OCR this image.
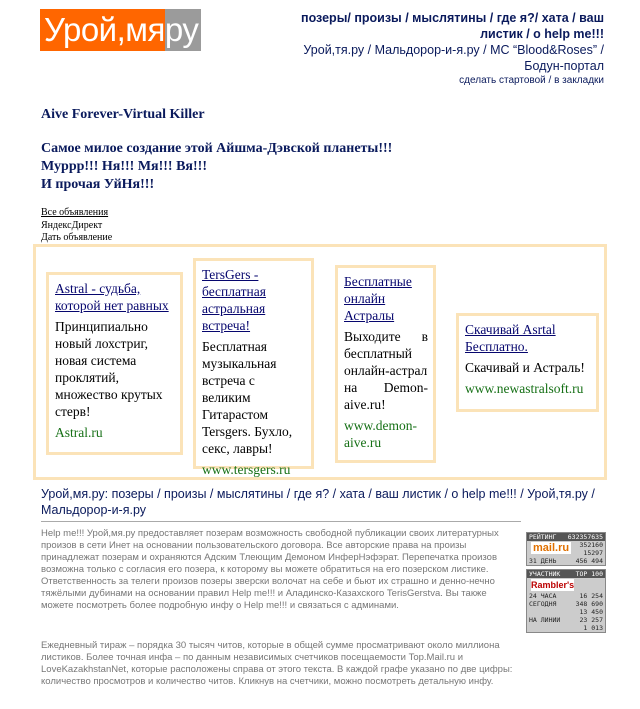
Урой,мя ру	позеры/ произы / мыслятины / где я?/ хата / ваш листик / o help me!!!
Урой,тя.ру / Мальдорор-и-я.ру / МС “Blood&Roses” / Бодун-портал
сделать стартовой / в закладки
Aive Forever-Virtual Killer
Самое милое создание этой Айшма-Дэвской планеты!!!
Муррр!!! Ня!!! Мя!!! Вя!!!
И прочая УйНя!!!
Все объявления
ЯндексДирект
Дать объявление
Astral - судьба, которой нет равных
Принципиально новый лохстриг, новая система проклятий, множество крутых стерв!
Astral.ru
TersGers - бесплатная астральная встреча!
Бесплатная музыкальная встреча с великим Гитарастом Tersgers. Бухло, секс, лавры!
www.tersgers.ru
Бесплатные онлайн Астралы
Выходите в бесплатный онлайн-астрал на Demon-aive.ru!
www.demon-aive.ru
Скачивай Asrtal Бесплатно.
Скачивай и Астраль!
www.newastralsoft.ru
Урой,мя.ру: позеры / произы / мыслятины / где я? / хата / ваш листик / o help me!!! / Урой,тя.ру / Мальдорор-и-я.ру
Help me!!! Урой,мя.ру предоставляет позерам возможность свободной публикации своих литературных произов в сети Инет на основании пользовательского договора. Все авторские права на произы принадлежат позерам и охраняются Адским Тлеющим Демоном ИнферНэфэрат. Перепечатка произов возможна только с согласия его позера, к которому вы можете обратиться на его позерском листике. Ответственность за телеги произов позеры зверски волочат на себе и бьют их страшно и денно-нечно тяжёлыми дубинами на основании правил Help me!!! и Аладинско-Казахского TerisGerstva. Вы также можете посмотреть более подробную инфу о Help me!!! и связаться с админами.
Ежедневный тираж – порядка 30 тысяч читов, которые в общей сумме просматривают около миллиона листиков. Более точная инфа – по данным независимых счетчиков посещаемости Top.Mail.ru и LoveKazakhstanNet, которые расположены справа от этого текста. В каждой графе указано по две цифры: количество просмотров и количество читов. Кликнув на счетчики, можно посмотреть детальную инфу.
РЕЙТИНГ 632357635
mail.ru	352160
15297
31 ДЕНЬ	456 494
УЧАСТНИК TOP 100
Rambler's
24 ЧАСА	16 254
СЕГОДНЯ	348 690
13 450
НА ЛИНИИ	23 257
1 013
